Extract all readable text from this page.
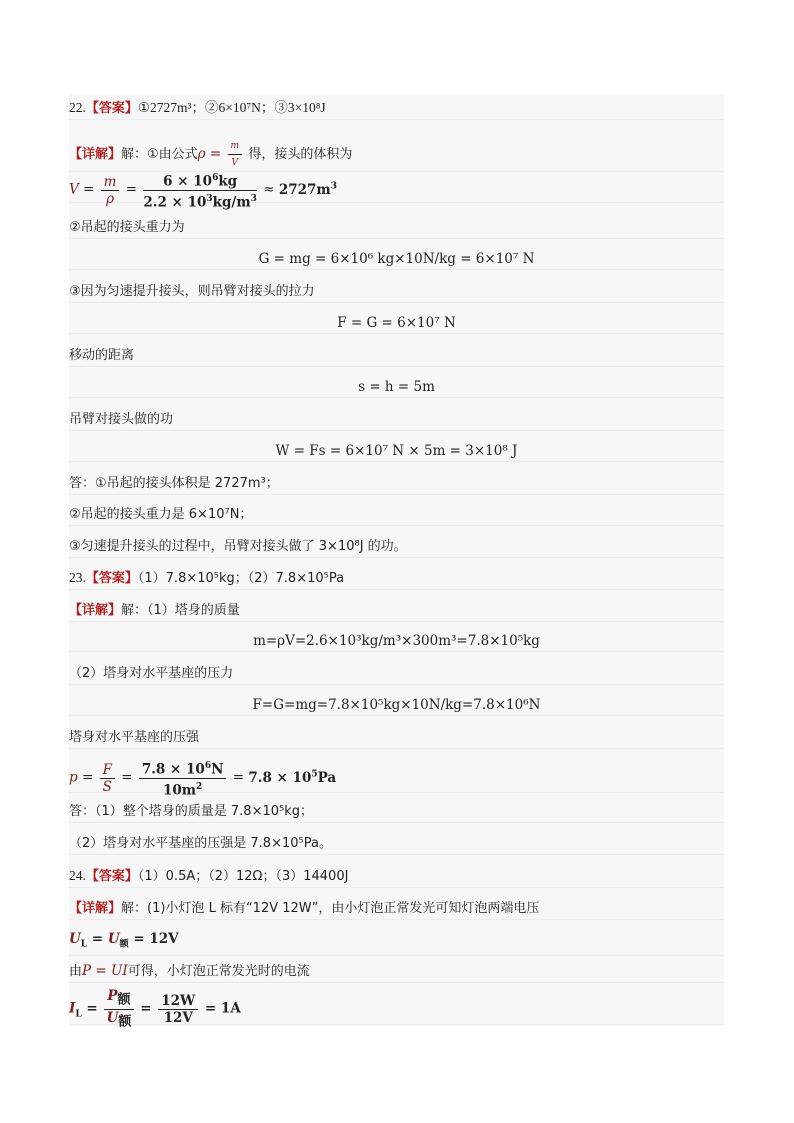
22.【答案】①2727m³；②6×10⁷N；③3×10⁸J
【详解】解：①由公式$\rho = \frac{m}{V}$ 得，接头的体积为
$V = \frac{m}{\rho} = \frac{6 \times 10^6kg}{2.2 \times 10^3kg/m^3} \approx 2727m^3$
②吊起的接头重力为
G = mg = 6×10⁶ kg×10N/kg = 6×10⁷ N
③因为匀速提升接头，则吊臂对接头的拉力
F = G = 6×10⁷ N
移动的距离
s = h = 5m
吊臂对接头做的功
W = Fs = 6×10⁷ N × 5m = 3×10⁸ J
答：①吊起的接头体积是 2727m³；
②吊起的接头重力是 6×10⁷N；
③匀速提升接头的过程中，吊臂对接头做了 3×10⁸J 的功。
23.【答案】（1）7.8×10⁵kg；（2）7.8×10⁵Pa
【详解】解：（1）塔身的质量
m=ρV=2.6×10³kg/m³×300m³=7.8×10⁵kg
（2）塔身对水平基座的压力
F=G=mg=7.8×10⁵kg×10N/kg=7.8×10⁶N
塔身对水平基座的压强
$p = \frac{F}{S} = \frac{7.8 \times 10^6N}{10m^2} = 7.8 \times 10^5Pa$
答：（1）整个塔身的质量是 7.8×10⁵kg；
（2）塔身对水平基座的压强是 7.8×10⁵Pa。
24.【答案】（1）0.5A；（2）12Ω；（3）14400J
【详解】解：(1)小灯泡 L 标有“12V 12W”，由小灯泡正常发光可知灯泡两端电压
$U_L = U_额 = 12V$
由P = UI可得，小灯泡正常发光时的电流
$I_L = \frac{P_额}{U_额} = \frac{12W}{12V} = 1A$
